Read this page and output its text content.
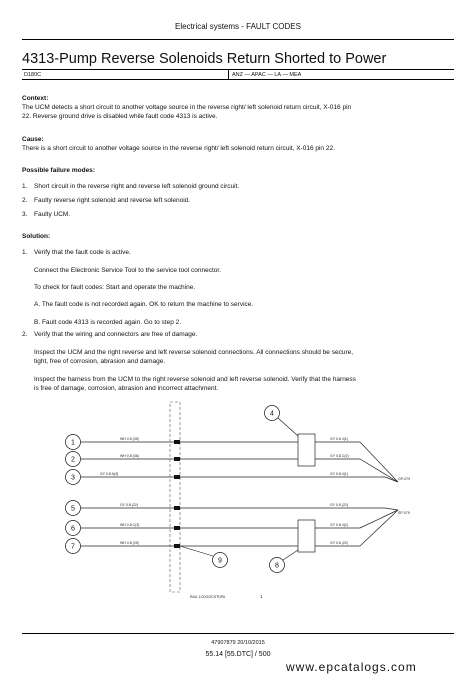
Electrical systems - FAULT CODES
4313-Pump Reverse Solenoids Return Shorted to Power
D180C	ANZ — APAC — LA — MEA
Context:
The UCM detects a short circuit to another voltage source in the reverse right/ left solenoid return circuit, X-016 pin
22. Reverse ground drive is disabled while fault code 4313 is active.
Cause:
There is a short circuit to another voltage source in the reverse right/ left solenoid return circuit, X-016 pin 22.
Possible failure modes:
1. Short circuit in the reverse right and reverse left solenoid ground circuit.
2. Faulty reverse right solenoid and reverse left solenoid.
3. Faulty UCM.
Solution:
1. Verify that the fault code is active.
Connect the Electronic Service Tool to the service tool connector.
To check for fault codes: Start and operate the machine.
A. The fault code is not recorded again. OK to return the machine to service.
B. Fault code 4313 is recorded again. Go to step 2.
2. Verify that the wiring and connectors are free of damage.
Inspect the UCM and the right reverse and left reverse solenoid connections. All connections should be secure,
tight, free of corrosion, abrasion and damage.
Inspect the harness from the UCM to the right reverse solenoid and left reverse solenoid. Verify that the harness
is free of damage, corrosion, abrasion and incorrect attachment.
WH 0.8 (35)
WH 0.8 (36)
GY 0.8 A(3)
GY 0.8 (22)
WH 0.8 C(3)
WH 0.8 (25)
GY 0.8 4(1)
GY 0.8 C(2)
GY 0.8 4(1)
GY 0.8 (22)
GY 0.8 4(2)
GY 0.8 (22)
GP-079
SP-079
1
2
3
4
5
6
7
8
9
RAIL 1CDO/2CSTDPA	1
47907879 20/10/2015
55.14 [55.DTC] / 500
www.epcatalogs.com
